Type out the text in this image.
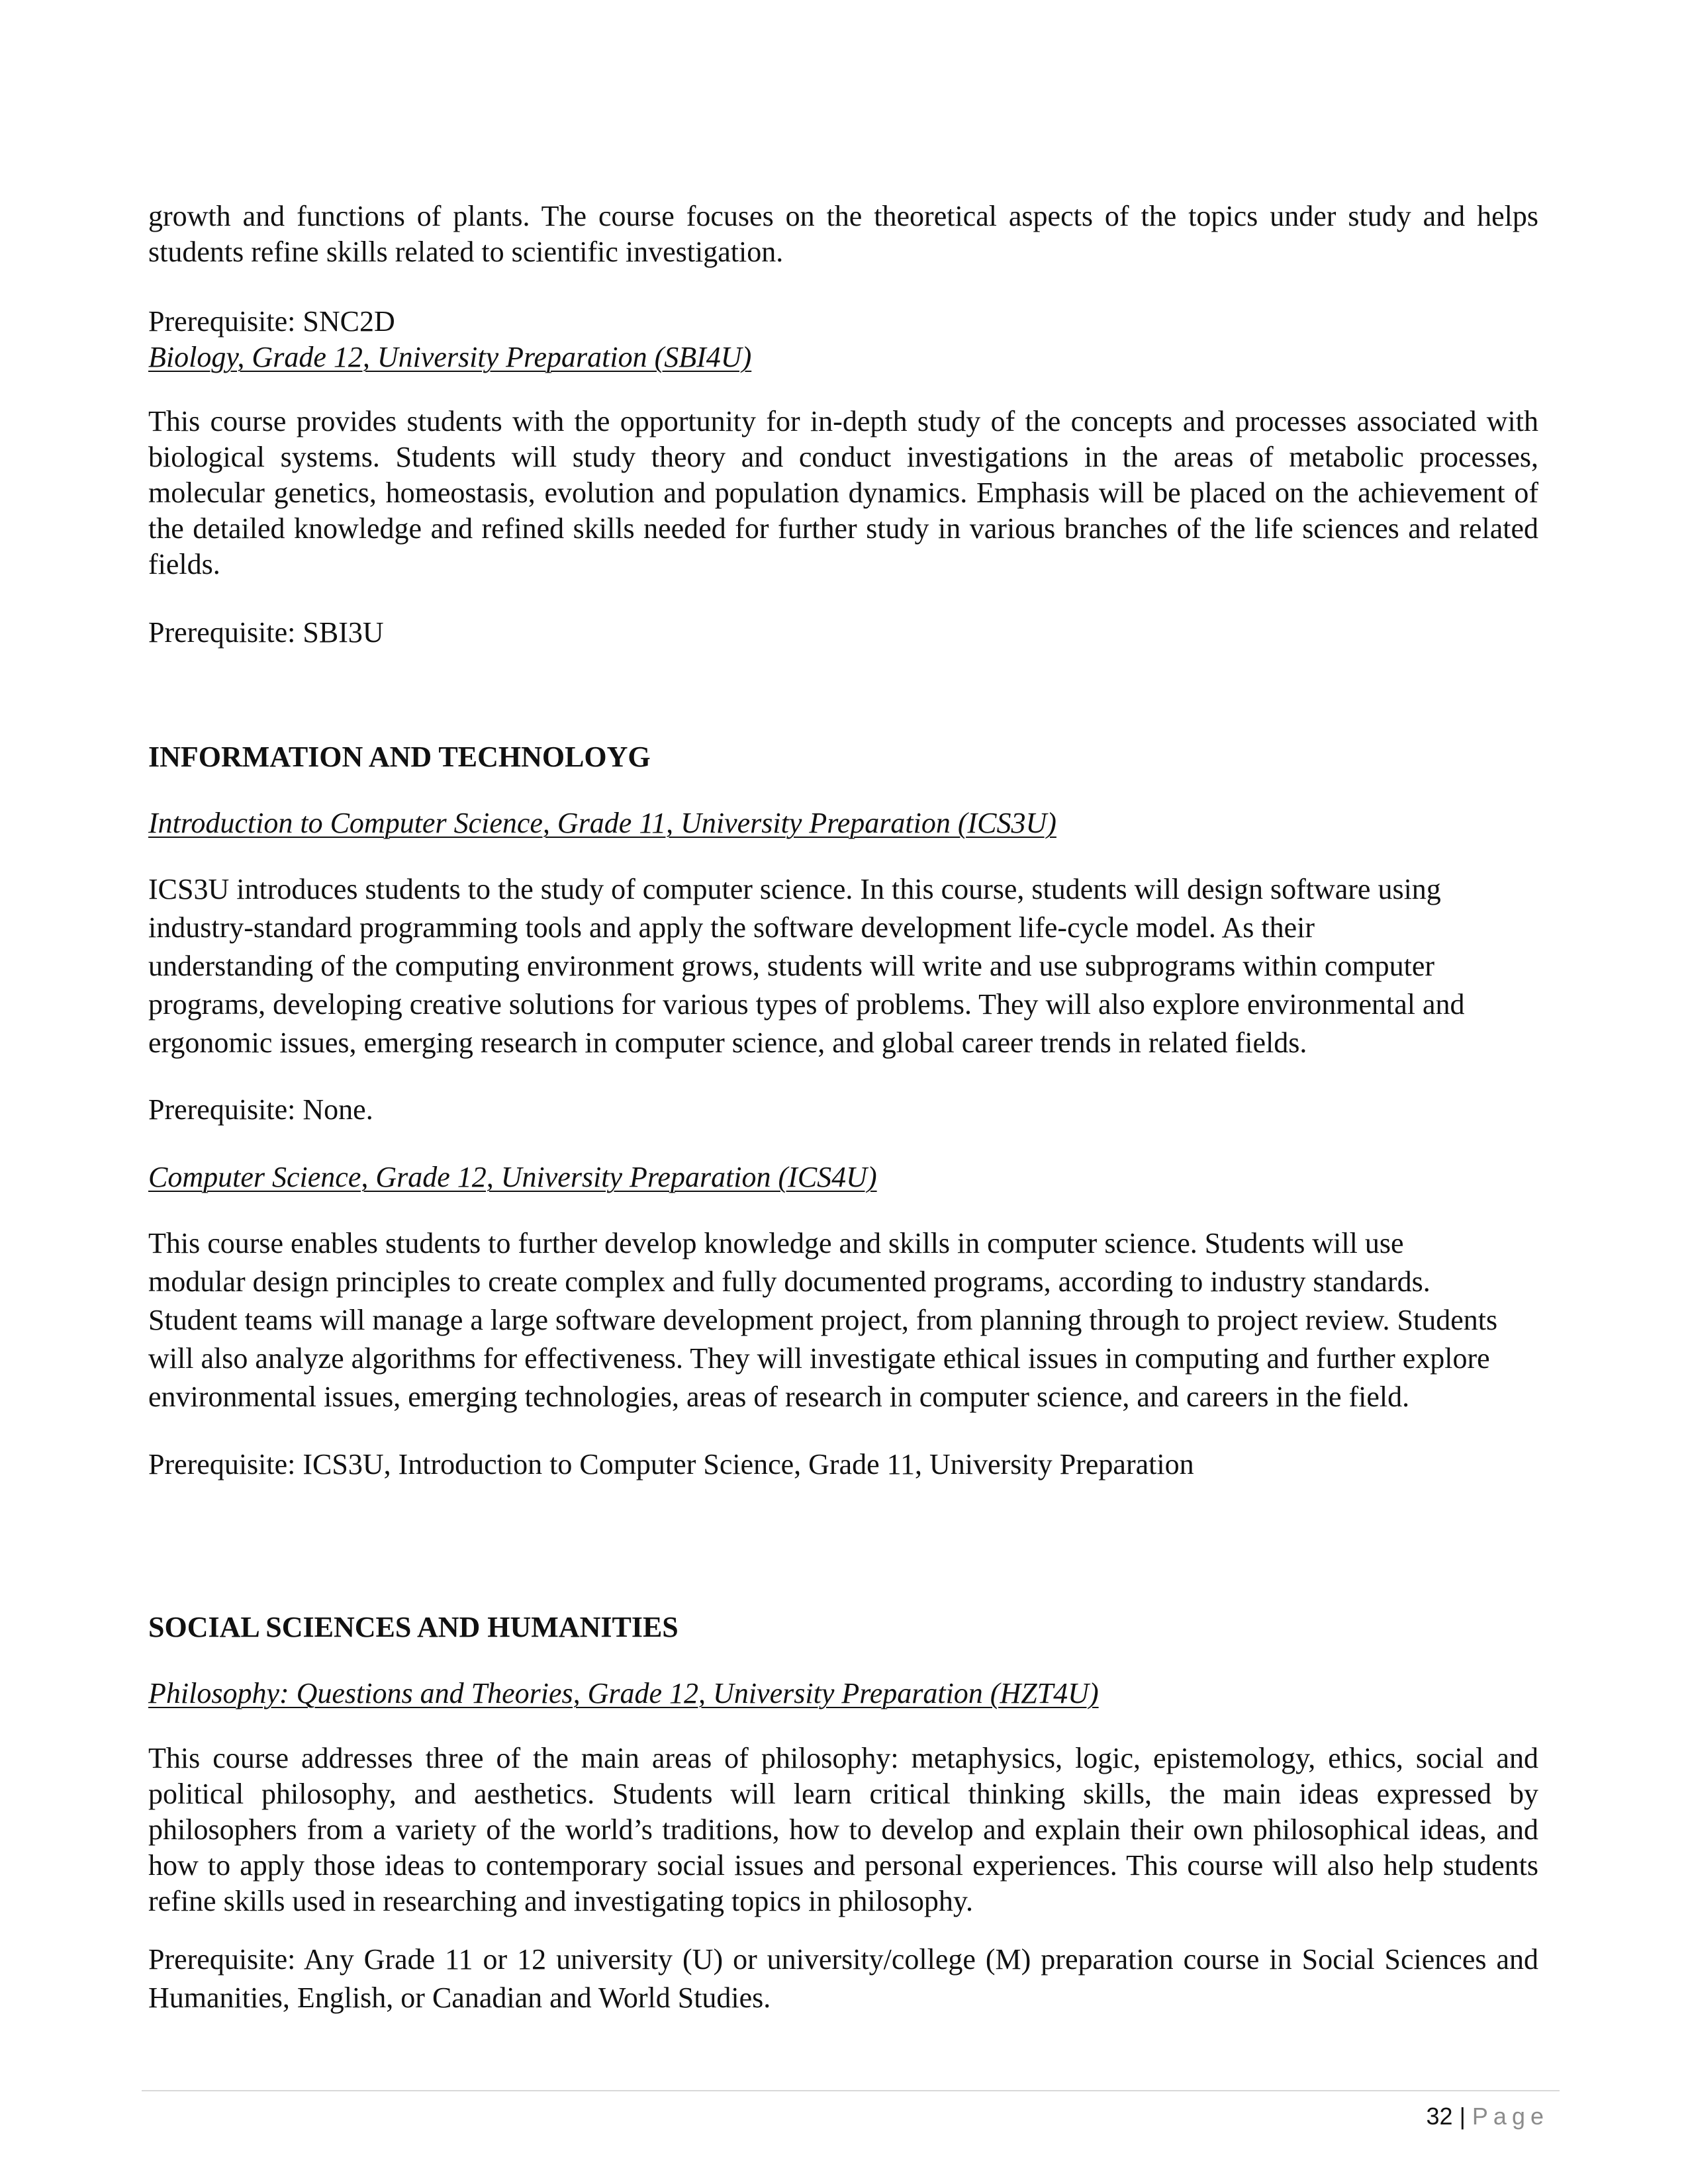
growth and functions of plants. The course focuses on the theoretical aspects of the topics under study and helps students refine skills related to scientific investigation.

Prerequisite: SNC2D

Biology, Grade 12, University Preparation (SBI4U)

This course provides students with the opportunity for in-depth study of the concepts and processes associated with biological systems. Students will study theory and conduct investigations in the areas of metabolic processes, molecular genetics, homeostasis, evolution and population dynamics. Emphasis will be placed on the achievement of the detailed knowledge and refined skills needed for further study in various branches of the life sciences and related fields.

Prerequisite: SBI3U

INFORMATION AND TECHNOLOYG

Introduction to Computer Science, Grade 11, University Preparation (ICS3U)

ICS3U introduces students to the study of computer science. In this course, students will design software using
industry-standard programming tools and apply the software development life-cycle model. As their
understanding of the computing environment grows, students will write and use subprograms within computer
programs, developing creative solutions for various types of problems. They will also explore environmental and
ergonomic issues, emerging research in computer science, and global career trends in related fields.

Prerequisite: None.

Computer Science, Grade 12, University Preparation (ICS4U)

This course enables students to further develop knowledge and skills in computer science. Students will use
modular design principles to create complex and fully documented programs, according to industry standards.
Student teams will manage a large software development project, from planning through to project review. Students
will also analyze algorithms for effectiveness. They will investigate ethical issues in computing and further explore
environmental issues, emerging technologies, areas of research in computer science, and careers in the field.

Prerequisite: ICS3U, Introduction to Computer Science, Grade 11, University Preparation

SOCIAL SCIENCES AND HUMANITIES

Philosophy: Questions and Theories, Grade 12, University Preparation (HZT4U)

This course addresses three of the main areas of philosophy: metaphysics, logic, epistemology, ethics, social and political philosophy, and aesthetics. Students will learn critical thinking skills, the main ideas expressed by philosophers from a variety of the world’s traditions, how to develop and explain their own philosophical ideas, and how to apply those ideas to contemporary social issues and personal experiences. This course will also help students refine skills used in researching and investigating topics in philosophy.

Prerequisite: Any Grade 11 or 12 university (U) or university/college (M) preparation course in Social Sciences and Humanities, English, or Canadian and World Studies.

32 | Page
